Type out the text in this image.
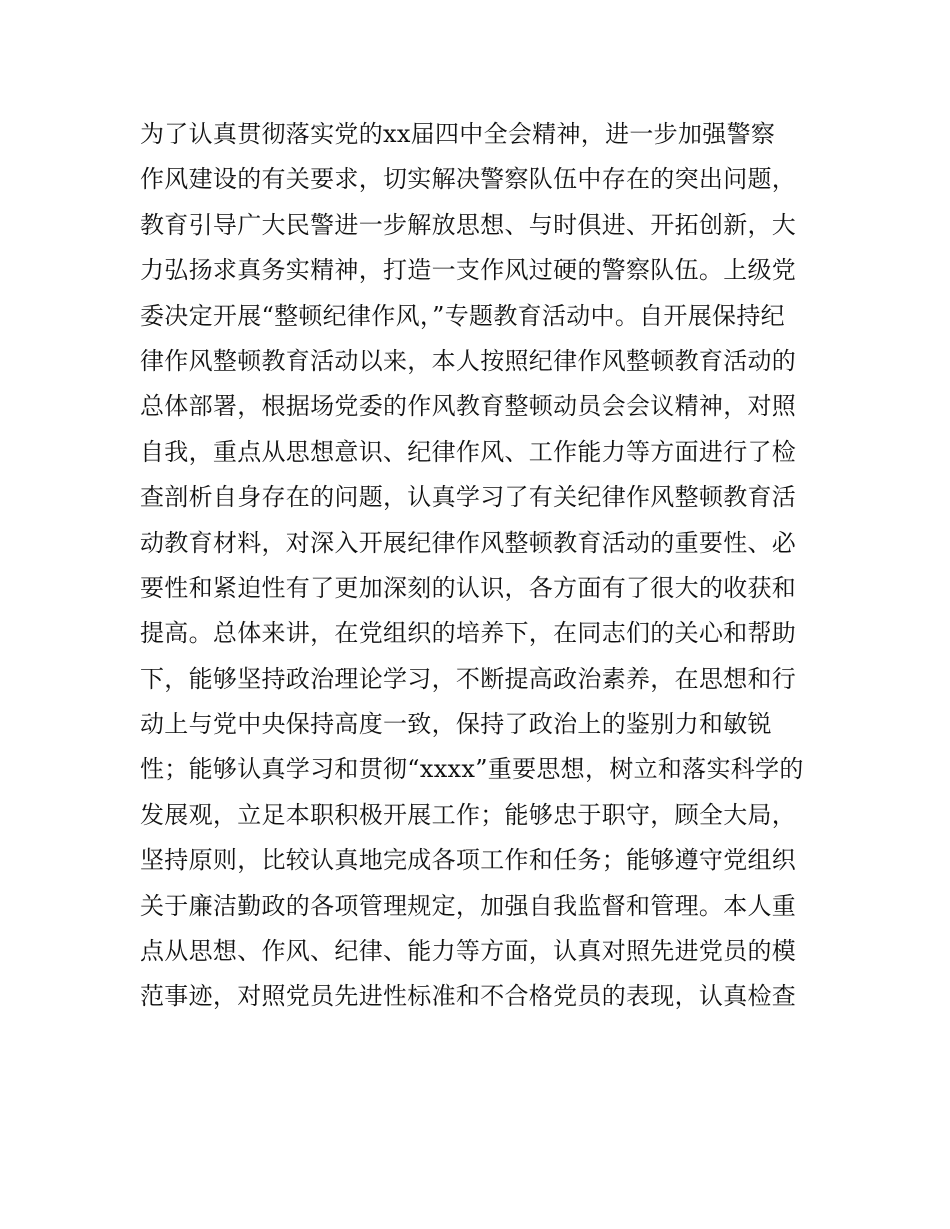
为了认真贯彻落实党的xx届四中全会精神，进一步加强警察
作风建设的有关要求，切实解决警察队伍中存在的突出问题，
教育引导广大民警进一步解放思想、与时俱进、开拓创新，大
力弘扬求真务实精神，打造一支作风过硬的警察队伍。上级党
委决定开展“整顿纪律作风，”专题教育活动中。自开展保持纪
律作风整顿教育活动以来，本人按照纪律作风整顿教育活动的
总体部署，根据场党委的作风教育整顿动员会会议精神，对照
自我，重点从思想意识、纪律作风、工作能力等方面进行了检
查剖析自身存在的问题，认真学习了有关纪律作风整顿教育活
动教育材料，对深入开展纪律作风整顿教育活动的重要性、必
要性和紧迫性有了更加深刻的认识，各方面有了很大的收获和
提高。总体来讲，在党组织的培养下，在同志们的关心和帮助
下，能够坚持政治理论学习，不断提高政治素养，在思想和行
动上与党中央保持高度一致，保持了政治上的鉴别力和敏锐
性；能够认真学习和贯彻“xxxx”重要思想，树立和落实科学的
发展观，立足本职积极开展工作；能够忠于职守，顾全大局，
坚持原则，比较认真地完成各项工作和任务；能够遵守党组织
关于廉洁勤政的各项管理规定，加强自我监督和管理。本人重
点从思想、作风、纪律、能力等方面，认真对照先进党员的模
范事迹，对照党员先进性标准和不合格党员的表现，认真检查
